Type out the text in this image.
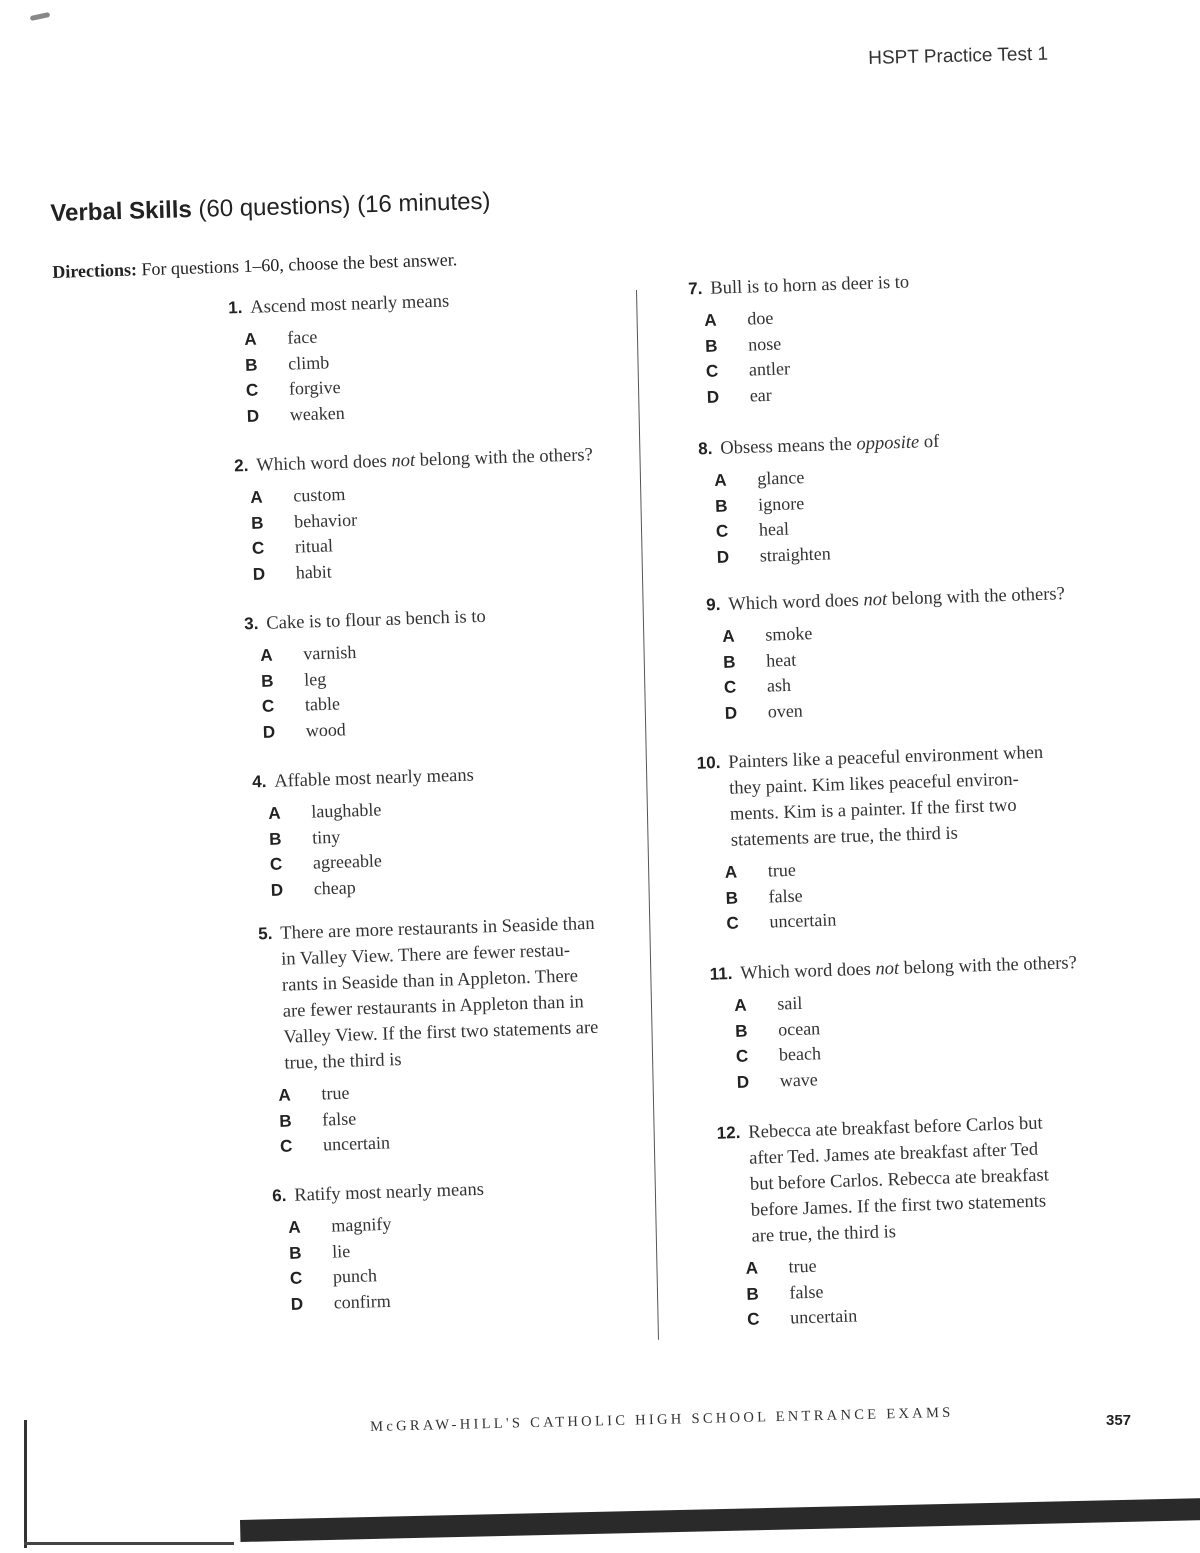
HSPT Practice Test 1
Verbal Skills (60 questions) (16 minutes)
Directions: For questions 1–60, choose the best answer.
1. Ascend most nearly means
A	face
B	climb
C	forgive
D	weaken
2. Which word does not belong with the others?
A	custom
B	behavior
C	ritual
D	habit
3. Cake is to flour as bench is to
A	varnish
B	leg
C	table
D	wood
4. Affable most nearly means
A	laughable
B	tiny
C	agreeable
D	cheap
5. There are more restaurants in Seaside than
in Valley View. There are fewer restau-
rants in Seaside than in Appleton. There
are fewer restaurants in Appleton than in
Valley View. If the first two statements are
true, the third is
A	true
B	false
C	uncertain
6. Ratify most nearly means
A	magnify
B	lie
C	punch
D	confirm
7. Bull is to horn as deer is to
A	doe
B	nose
C	antler
D	ear
8. Obsess means the opposite of
A	glance
B	ignore
C	heal
D	straighten
9. Which word does not belong with the others?
A	smoke
B	heat
C	ash
D	oven
10. Painters like a peaceful environment when
they paint. Kim likes peaceful environ-
ments. Kim is a painter. If the first two
statements are true, the third is
A	true
B	false
C	uncertain
11. Which word does not belong with the others?
A	sail
B	ocean
C	beach
D	wave
12. Rebecca ate breakfast before Carlos but
after Ted. James ate breakfast after Ted
but before Carlos. Rebecca ate breakfast
before James. If the first two statements
are true, the third is
A	true
B	false
C	uncertain
McGRAW-HILL'S CATHOLIC HIGH SCHOOL ENTRANCE EXAMS	357
